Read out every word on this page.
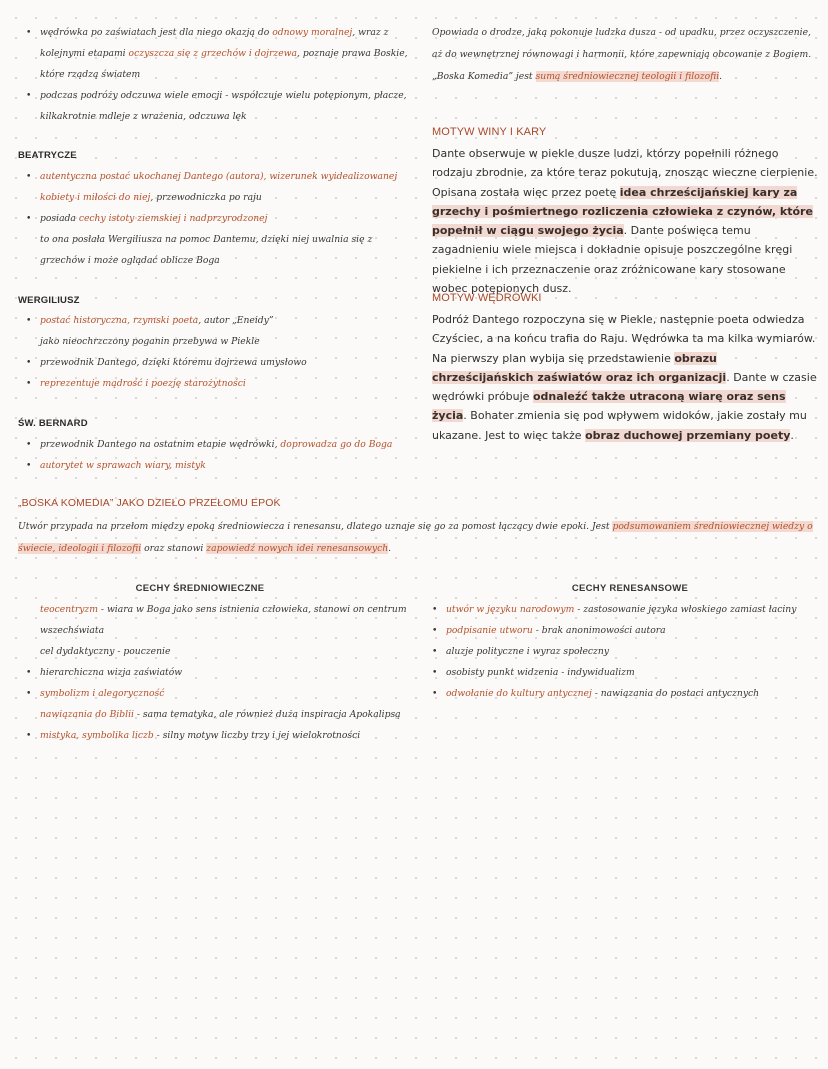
• wędrówka po zaświatach jest dla niego okazją do odnowy moralnej, wraz z kolejnymi etapami oczyszcza się z grzechów i dojrzewa, poznaje prawa Boskie, które rządzą światem
• podczas podróży odczuwa wiele emocji - współczuje wielu potępionym, płacze, kilkakrotnie mdleje z wrażenia, odczuwa lęk
BEATRYCZE
• autentyczna postać ukochanej Dantego (autora), wizerunek wyidealizowanej kobiety i miłości do niej, przewodniczka po raju
• posiada cechy istoty ziemskiej i nadprzyrodzonej
to ona posłała Wergiliusza na pomoc Dantemu, dzięki niej uwalnia się z grzechów i może oglądać oblicze Boga
WERGILIUSZ
• postać historyczna, rzymski poeta, autor „Eneidy”
jako nieochrzczony poganin przebywa w Piekle
• przewodnik Dantego, dzięki któremu dojrzewa umysłowo
• reprezentuje mądrość i poezję starożytności
ŚW. BERNARD
• przewodnik Dantego na ostatnim etapie wędrówki, doprowadza go do Boga
• autorytet w sprawach wiary, mistyk
Opowiada o drodze, jaką pokonuje ludzka dusza - od upadku, przez oczyszczenie, aż do wewnętrznej równowagi i harmonii, które zapewniają obcowanie z Bogiem. „Boska Komedia” jest sumą średniowiecznej teologii i filozofii.
MOTYW WINY I KARY
Dante obserwuje w piekle dusze ludzi, którzy popełnili różnego rodzaju zbrodnie, za które teraz pokutują, znosząc wieczne cierpienie. Opisana została więc przez poetę idea chrześcijańskiej kary za grzechy i pośmiertnego rozliczenia człowieka z czynów, które popełnił w ciągu swojego życia. Dante poświęca temu zagadnieniu wiele miejsca i dokładnie opisuje poszczególne kręgi piekielne i ich przeznaczenie oraz zróżnicowane kary stosowane wobec potępionych dusz.
MOTYW WĘDRÓWKI
Podróż Dantego rozpoczyna się w Piekle, następnie poeta odwiedza Czyściec, a na końcu trafia do Raju. Wędrówka ta ma kilka wymiarów. Na pierwszy plan wybija się przedstawienie obrazu chrześcijańskich zaświatów oraz ich organizacji. Dante w czasie wędrówki próbuje odnaleźć także utraconą wiarę oraz sens życia. Bohater zmienia się pod wpływem widoków, jakie zostały mu ukazane. Jest to więc także obraz duchowej przemiany poety.
„BOSKA KOMEDIA” JAKO DZIEŁO PRZEŁOMU EPOK
Utwór przypada na przełom między epoką średniowiecza i renesansu, dlatego uznaje się go za pomost łączący dwie epoki. Jest podsumowaniem średniowiecznej wiedzy o świecie, ideologii i filozofii oraz stanowi zapowiedź nowych idei renesansowych.
CECHY ŚREDNIOWIECZNE
teocentryzm - wiara w Boga jako sens istnienia człowieka, stanowi on centrum wszechświata
cel dydaktyczny - pouczenie
• hierarchiczna wizja zaświatów
• symbolizm i alegoryczność
nawiązania do Biblii - sama tematyka, ale również duża inspiracja Apokalipsą
• mistyka, symbolika liczb - silny motyw liczby trzy i jej wielokrotności
CECHY RENESANSOWE
• utwór w języku narodowym - zastosowanie języka włoskiego zamiast łaciny
• podpisanie utworu - brak anonimowości autora
• aluzje polityczne i wyraz społeczny
• osobisty punkt widzenia - indywidualizm
• odwołanie do kultury antycznej - nawiązania do postaci antycznych
